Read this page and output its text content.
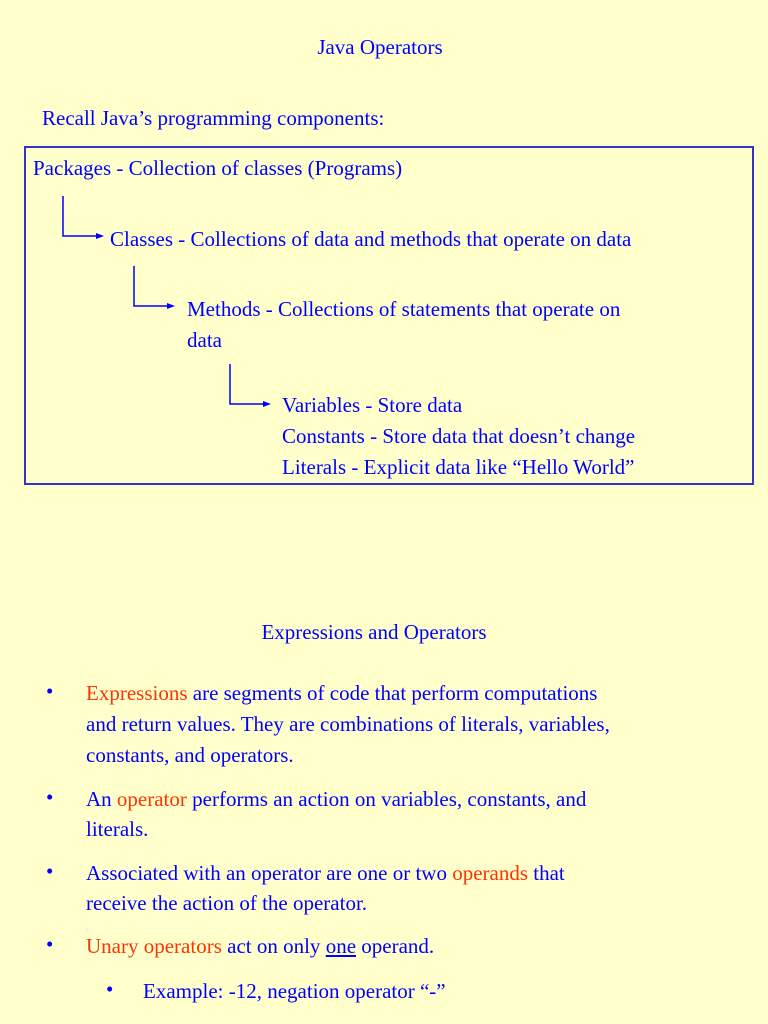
Java Operators
Recall Java’s programming components:
Packages - Collection of classes (Programs)
Classes - Collections of data and methods that operate on data
Methods - Collections of statements that operate on
data
Variables - Store data
Constants - Store data that doesn’t change
Literals - Explicit data like “Hello World”
Expressions and Operators
• Expressions are segments of code that perform computations
and return values. They are combinations of literals, variables,
constants, and operators.
• An operator performs an action on variables, constants, and
literals.
• Associated with an operator are one or two operands that
receive the action of the operator.
• Unary operators act on only one operand.
• Example: -12, negation operator “-”
